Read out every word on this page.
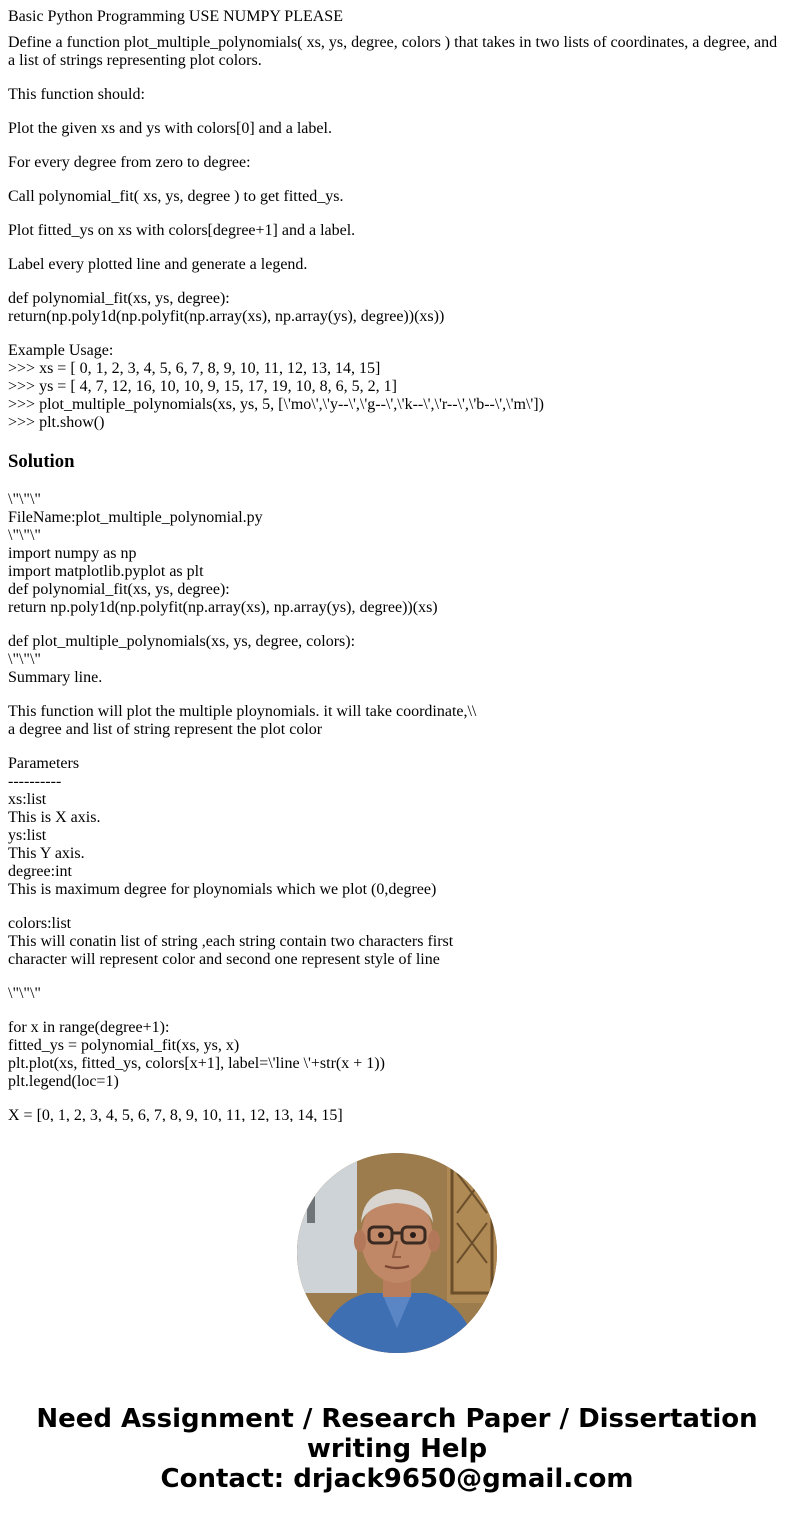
Basic Python Programming USE NUMPY PLEASE

Define a function plot_multiple_polynomials( xs, ys, degree, colors ) that takes in two lists of coordinates, a degree, and a list of strings representing plot colors.

This function should:

Plot the given xs and ys with colors[0] and a label.

For every degree from zero to degree:

Call polynomial_fit( xs, ys, degree ) to get fitted_ys.

Plot fitted_ys on xs with colors[degree+1] and a label.

Label every plotted line and generate a legend.

def polynomial_fit(xs, ys, degree):
return(np.poly1d(np.polyfit(np.array(xs), np.array(ys), degree))(xs))

Example Usage:
>>> xs = [ 0, 1, 2, 3, 4, 5, 6, 7, 8, 9, 10, 11, 12, 13, 14, 15]
>>> ys = [ 4, 7, 12, 16, 10, 10, 9, 15, 17, 19, 10, 8, 6, 5, 2, 1]
>>> plot_multiple_polynomials(xs, ys, 5, [\'mo\',\'y--\',\'g--\',\'k--\',\'r--\',\'b--\',\'m\'])
>>> plt.show()

Solution

\"\"\"
FileName:plot_multiple_polynomial.py
\"\"\"
import numpy as np
import matplotlib.pyplot as plt
def polynomial_fit(xs, ys, degree):
return np.poly1d(np.polyfit(np.array(xs), np.array(ys), degree))(xs)

def plot_multiple_polynomials(xs, ys, degree, colors):
\"\"\"
Summary line.

This function will plot the multiple ploynomials. it will take coordinate,\\
a degree and list of string represent the plot color

Parameters
----------
xs:list
This is X axis.
ys:list
This Y axis.
degree:int
This is maximum degree for ploynomials which we plot (0,degree)

colors:list
This will conatin list of string ,each string contain two characters first
character will represent color and second one represent style of line

\"\"\"

for x in range(degree+1):
fitted_ys = polynomial_fit(xs, ys, x)
plt.plot(xs, fitted_ys, colors[x+1], label=\'line \'+str(x + 1))
plt.legend(loc=1)

X = [0, 1, 2, 3, 4, 5, 6, 7, 8, 9, 10, 11, 12, 13, 14, 15]

Need Assignment / Research Paper / Dissertation
writing Help
Contact: drjack9650@gmail.com
